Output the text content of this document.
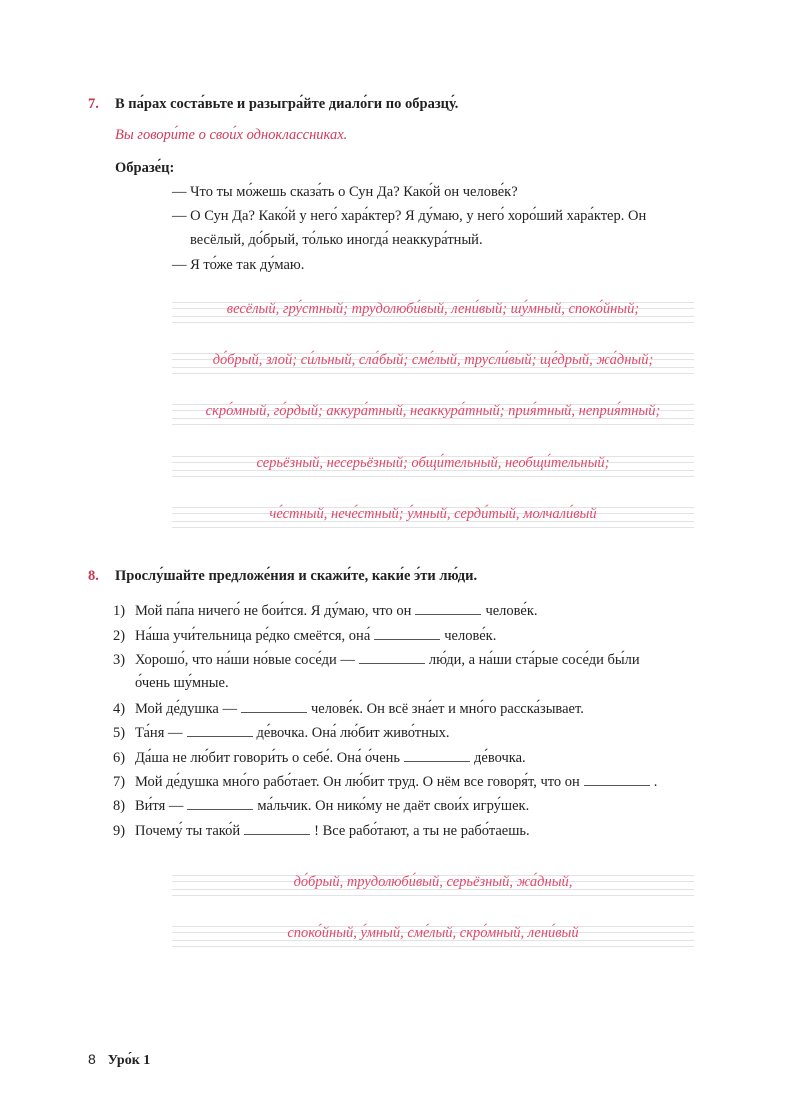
7. В па́рах соста́вьте и разыгра́йте диало́ги по образцу́.
Вы говори́те о свои́х одноклассниках.
Образе́ц:
— Что ты мо́жешь сказа́ть о Сун Да? Како́й он челове́к?
— О Сун Да? Како́й у него́ хара́ктер? Я ду́маю, у него́ хоро́ший хара́ктер. Он
весёлый, до́брый, то́лько иногда́ неаккура́тный.
— Я то́же так ду́маю.
весёлый, гру́стный; трудолюби́вый, лени́вый; шу́мный, споко́йный;
до́брый, злой; си́льный, сла́бый; сме́лый, трусли́вый; ще́дрый, жа́дный;
скро́мный, го́рдый; аккура́тный, неаккура́тный; прия́тный, неприя́тный;
серьёзный, несерьёзный; общи́тельный, необщи́тельный;
че́стный, нече́стный; у́мный, серди́тый, молчали́вый
8. Прослу́шайте предложе́ния и скажи́те, каки́е э́ти лю́ди.
1) Мой па́па ничего́ не бои́тся. Я ду́маю, что он	челове́к.
2) На́ша учи́тельница ре́дко смеётся, она́	челове́к.
3) Хорошо́, что на́ши но́вые сосе́ди —	лю́ди, а на́ши ста́рые сосе́ди бы́ли
о́чень шу́мные.
4) Мой де́душка —	челове́к. Он всё зна́ет и мно́го расска́зывает.
5) Та́ня —	де́вочка. Она́ лю́бит живо́тных.
6) Да́ша не лю́бит говори́ть о себе́. Она́ о́чень	де́вочка.
7) Мой де́душка мно́го рабо́тает. Он лю́бит труд. О нём все говоря́т, что он	.
8) Ви́тя —	ма́льчик. Он нико́му не даёт свои́х игру́шек.
9) Почему́ ты тако́й	! Все рабо́тают, а ты не рабо́таешь.
до́брый, трудолюби́вый, серьёзный, жа́дный,
споко́йный, у́мный, сме́лый, скро́мный, лени́вый
8 Уро́к 1
